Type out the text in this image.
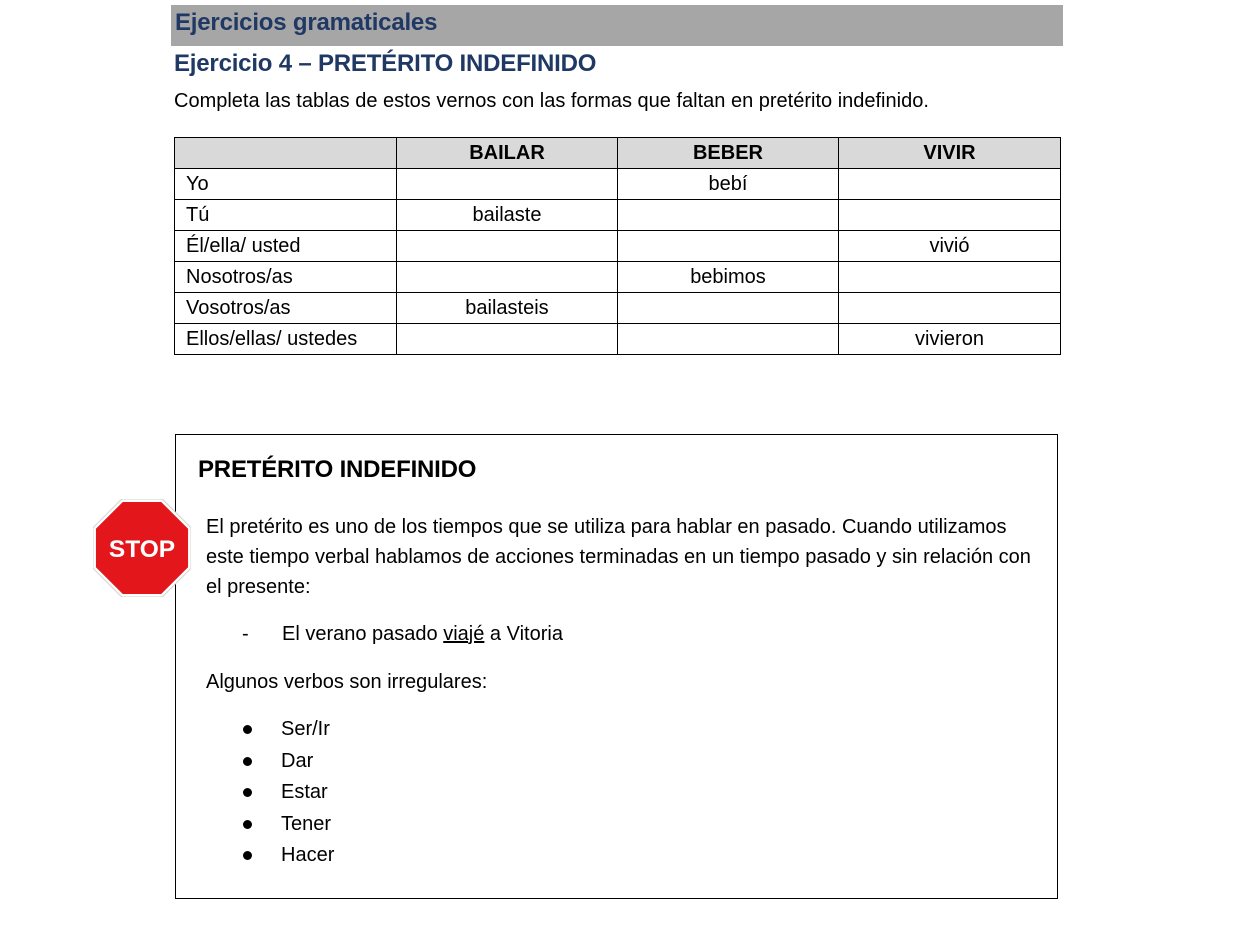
Ejercicios gramaticales
Ejercicio 4 – PRETÉRITO INDEFINIDO
Completa las tablas de estos vernos con las formas que faltan en pretérito indefinido.
	BAILAR	BEBER	VIVIR
Yo		bebí	
Tú	bailaste		
Él/ella/ usted			vivió
Nosotros/as		bebimos	
Vosotros/as	bailasteis		
Ellos/ellas/ ustedes			vivieron
PRETÉRITO INDEFINIDO
STOP
El pretérito es uno de los tiempos que se utiliza para hablar en pasado. Cuando utilizamos este tiempo verbal hablamos de acciones terminadas en un tiempo pasado y sin relación con el presente:
- El verano pasado viajé a Vitoria
Algunos verbos son irregulares:
Ser/Ir
Dar
Estar
Tener
Hacer
